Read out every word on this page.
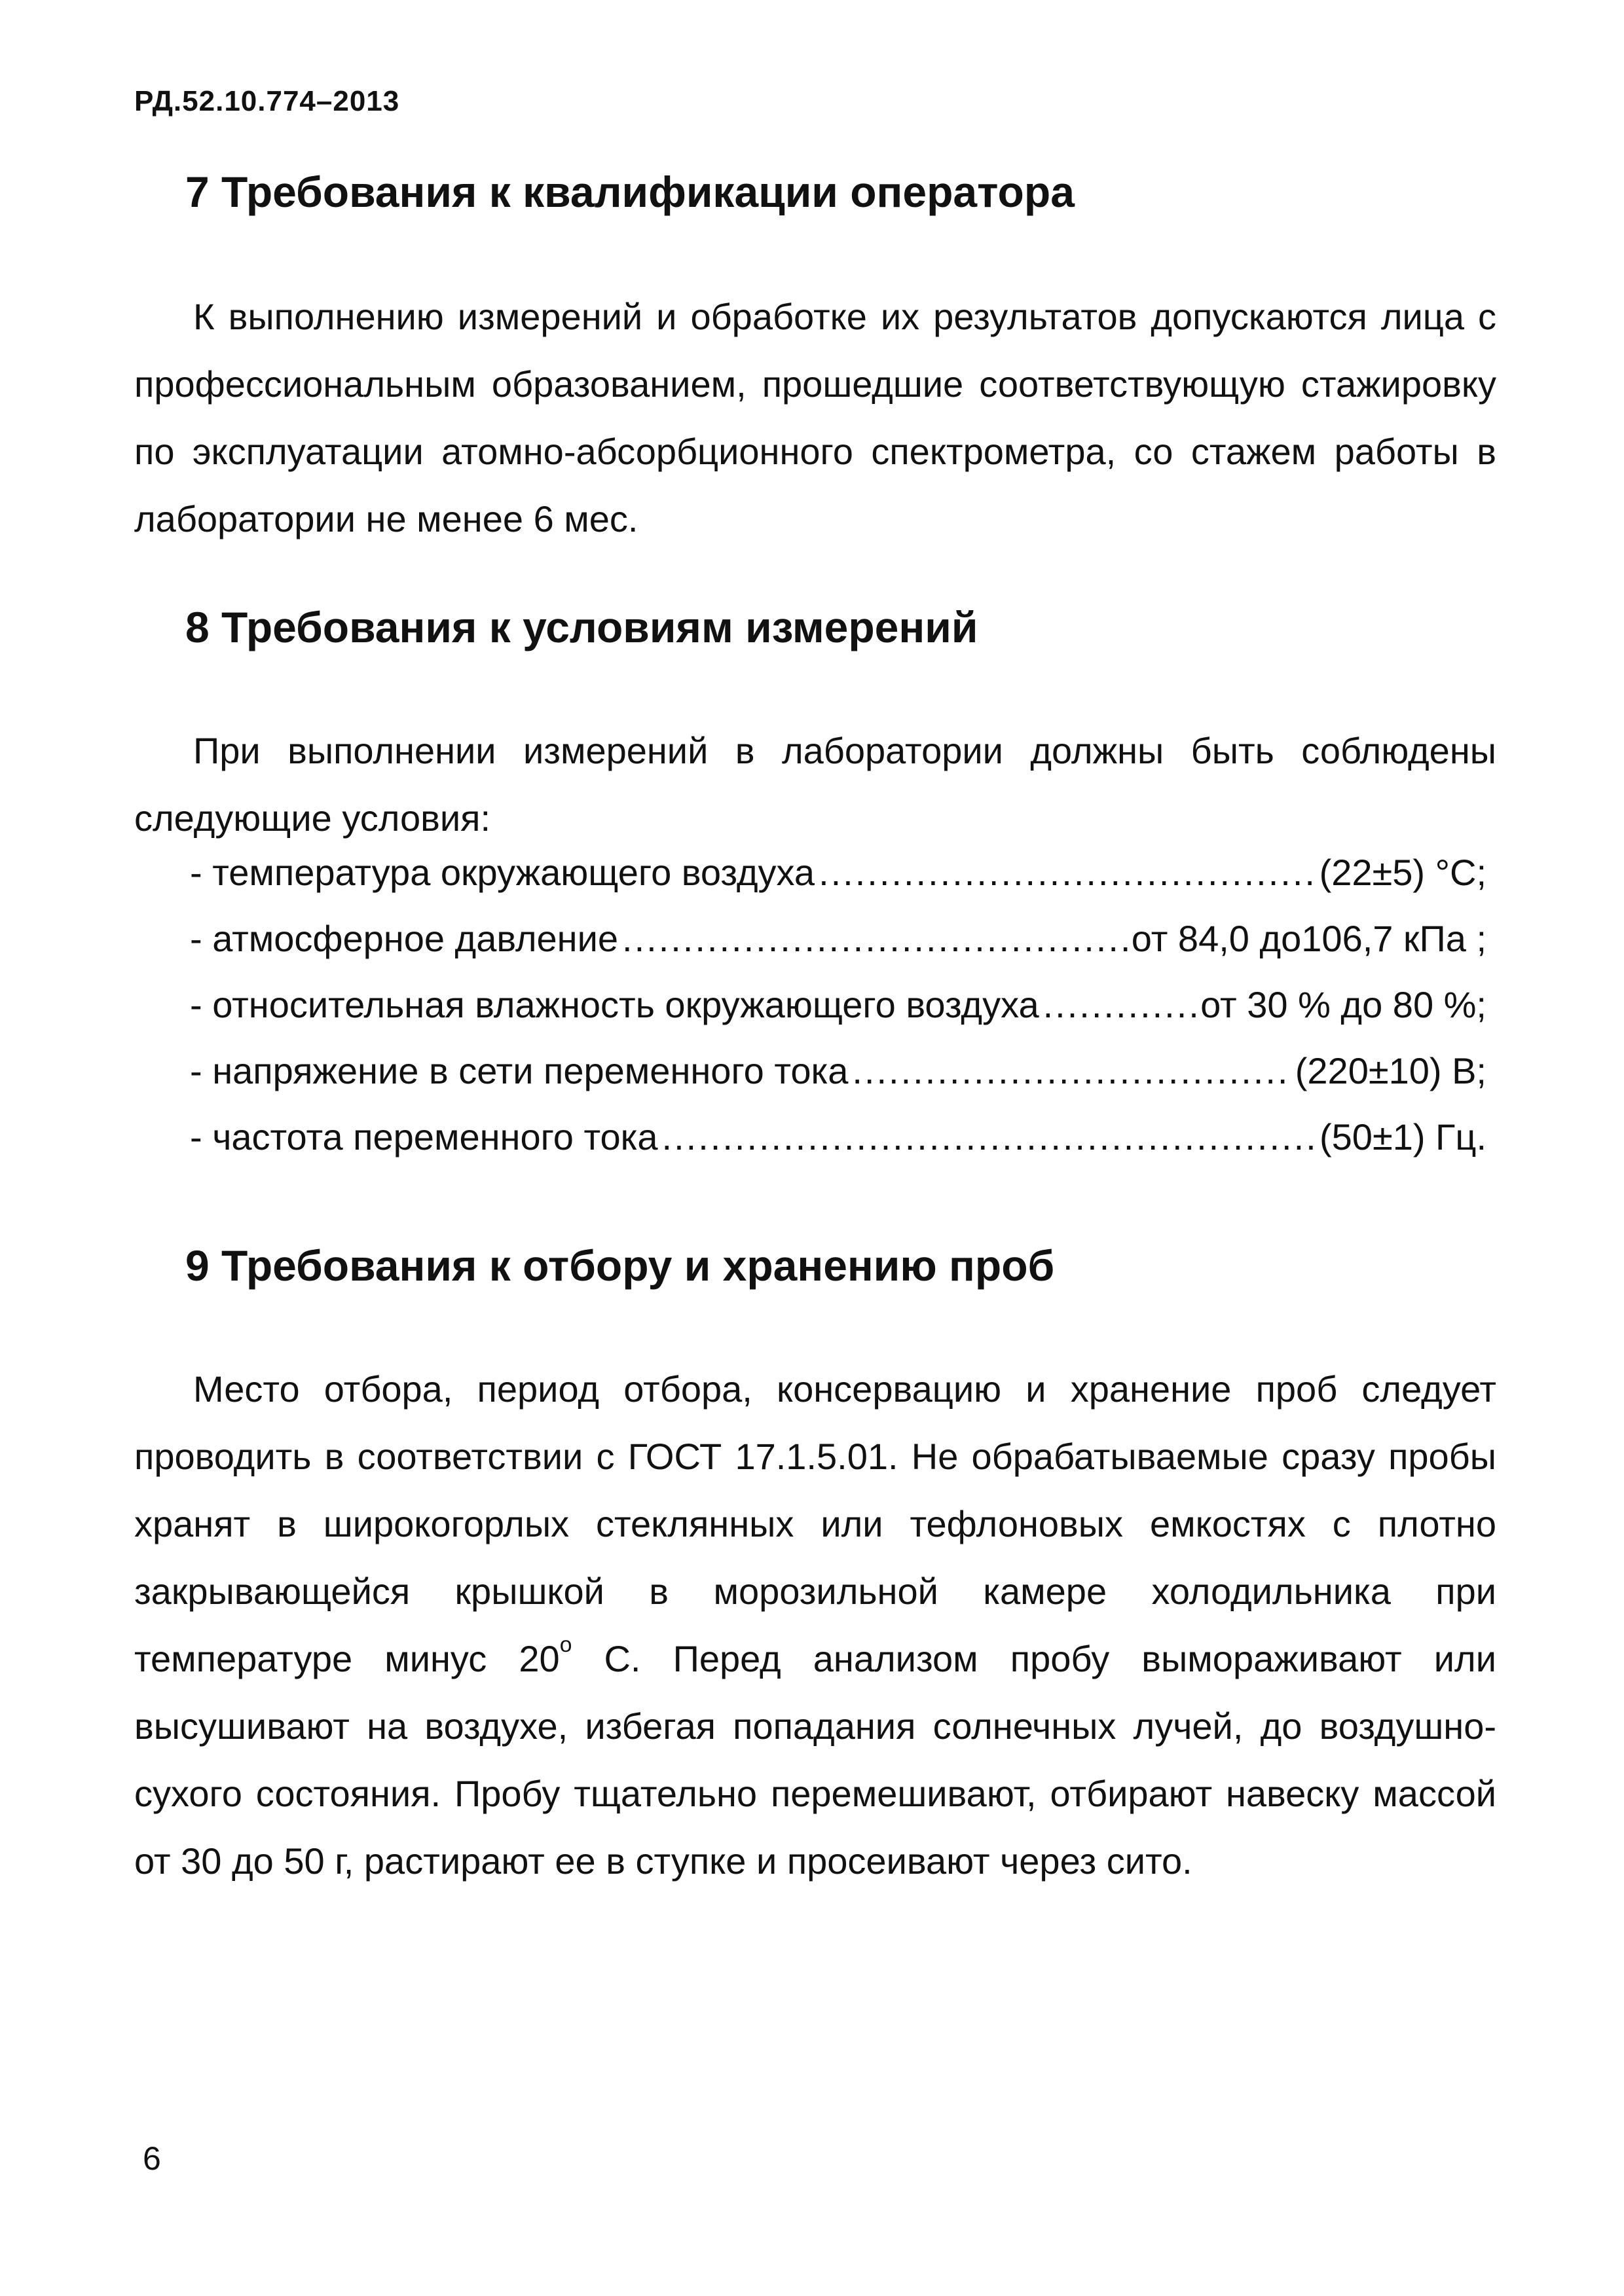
РД.52.10.774–2013
7 Требования к квалификации оператора

К выполнению измерений и обработке их результатов допускаются лица с профессиональным образованием, прошедшие соответствующую стажировку по эксплуатации атомно-абсорбционного спектрометра, со стажем работы в лаборатории не менее 6 мес.

8 Требования к условиям измерений

При выполнении измерений в лаборатории должны быть соблюдены следующие условия:

- температура окружающего воздуха .....	(22±5) °С;
- атмосферное давление .....	от 84,0 до106,7 кПа ;
- относительная влажность окружающего воздуха .....	от 30 % до 80 %;
- напряжение в сети переменного тока .....	(220±10) В;
- частота переменного тока .....	(50±1) Гц.
9 Требования к отбору и хранению проб

Место отбора, период отбора, консервацию и хранение проб следует проводить в соответствии с ГОСТ 17.1.5.01. Не обрабатываемые сразу пробы хранят в широкогорлых стеклянных или тефлоновых емкостях с плотно закрывающейся крышкой в морозильной камере холодильника при температуре минус $20^о$ С. Перед анализом пробу вымораживают или высушивают на воздухе, избегая попадания солнечных лучей, до воздушно- сухого состояния. Пробу тщательно перемешивают, отбирают навеску массой от 30 до 50 г, растирают ее в ступке и просеивают через сито.

6
